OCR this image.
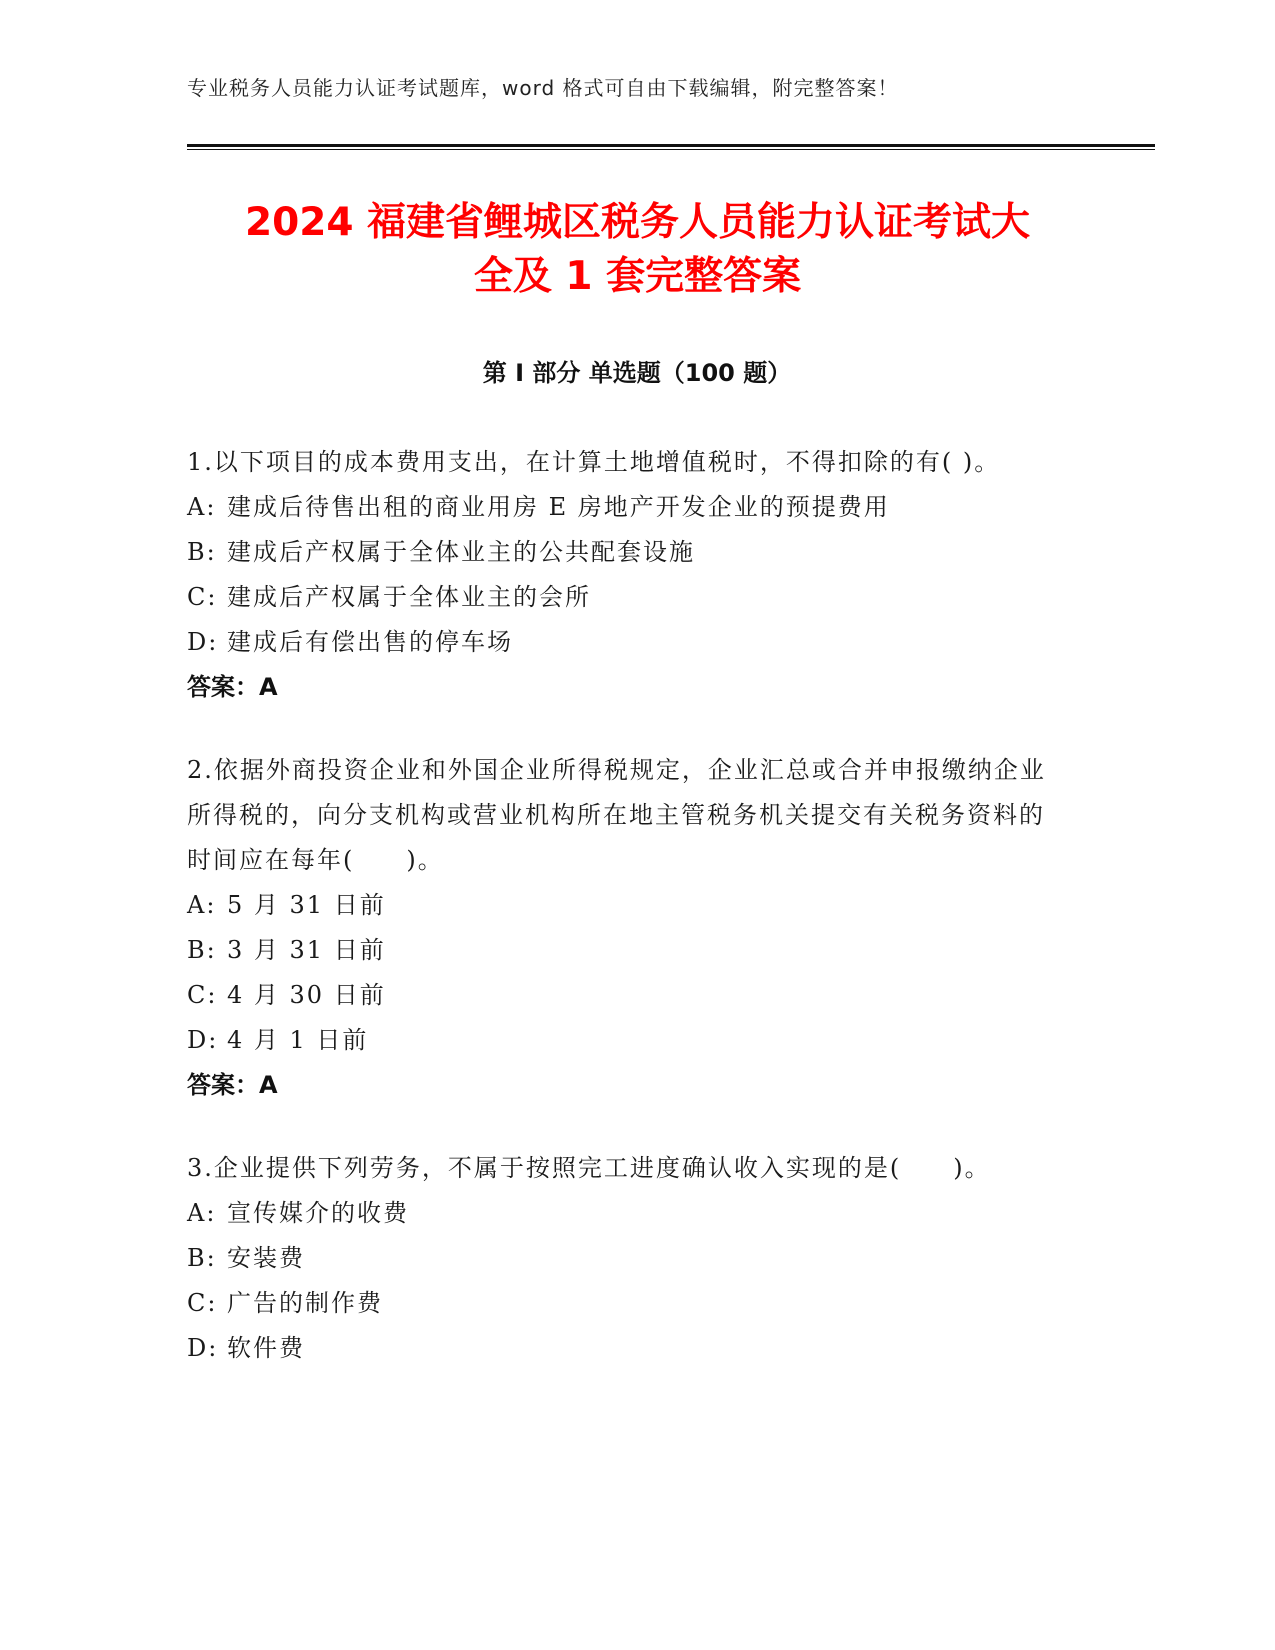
专业税务人员能力认证考试题库，word 格式可自由下载编辑，附完整答案！
2024 福建省鲤城区税务人员能力认证考试大
全及 1 套完整答案
第 I 部分 单选题（100 题）

1.以下项目的成本费用支出，在计算土地增值税时，不得扣除的有( )。

A: 建成后待售出租的商业用房 E 房地产开发企业的预提费用

B: 建成后产权属于全体业主的公共配套设施

C: 建成后产权属于全体业主的会所

D: 建成后有偿出售的停车场

答案：A

2.依据外商投资企业和外国企业所得税规定，企业汇总或合并申报缴纳企业所得税的，向分支机构或营业机构所在地主管税务机关提交有关税务资料的时间应在每年(　　)。

A: 5 月 31 日前

B: 3 月 31 日前

C: 4 月 30 日前

D: 4 月 1 日前

答案：A

3.企业提供下列劳务，不属于按照完工进度确认收入实现的是(　　)。

A: 宣传媒介的收费

B: 安装费

C: 广告的制作费

D: 软件费
